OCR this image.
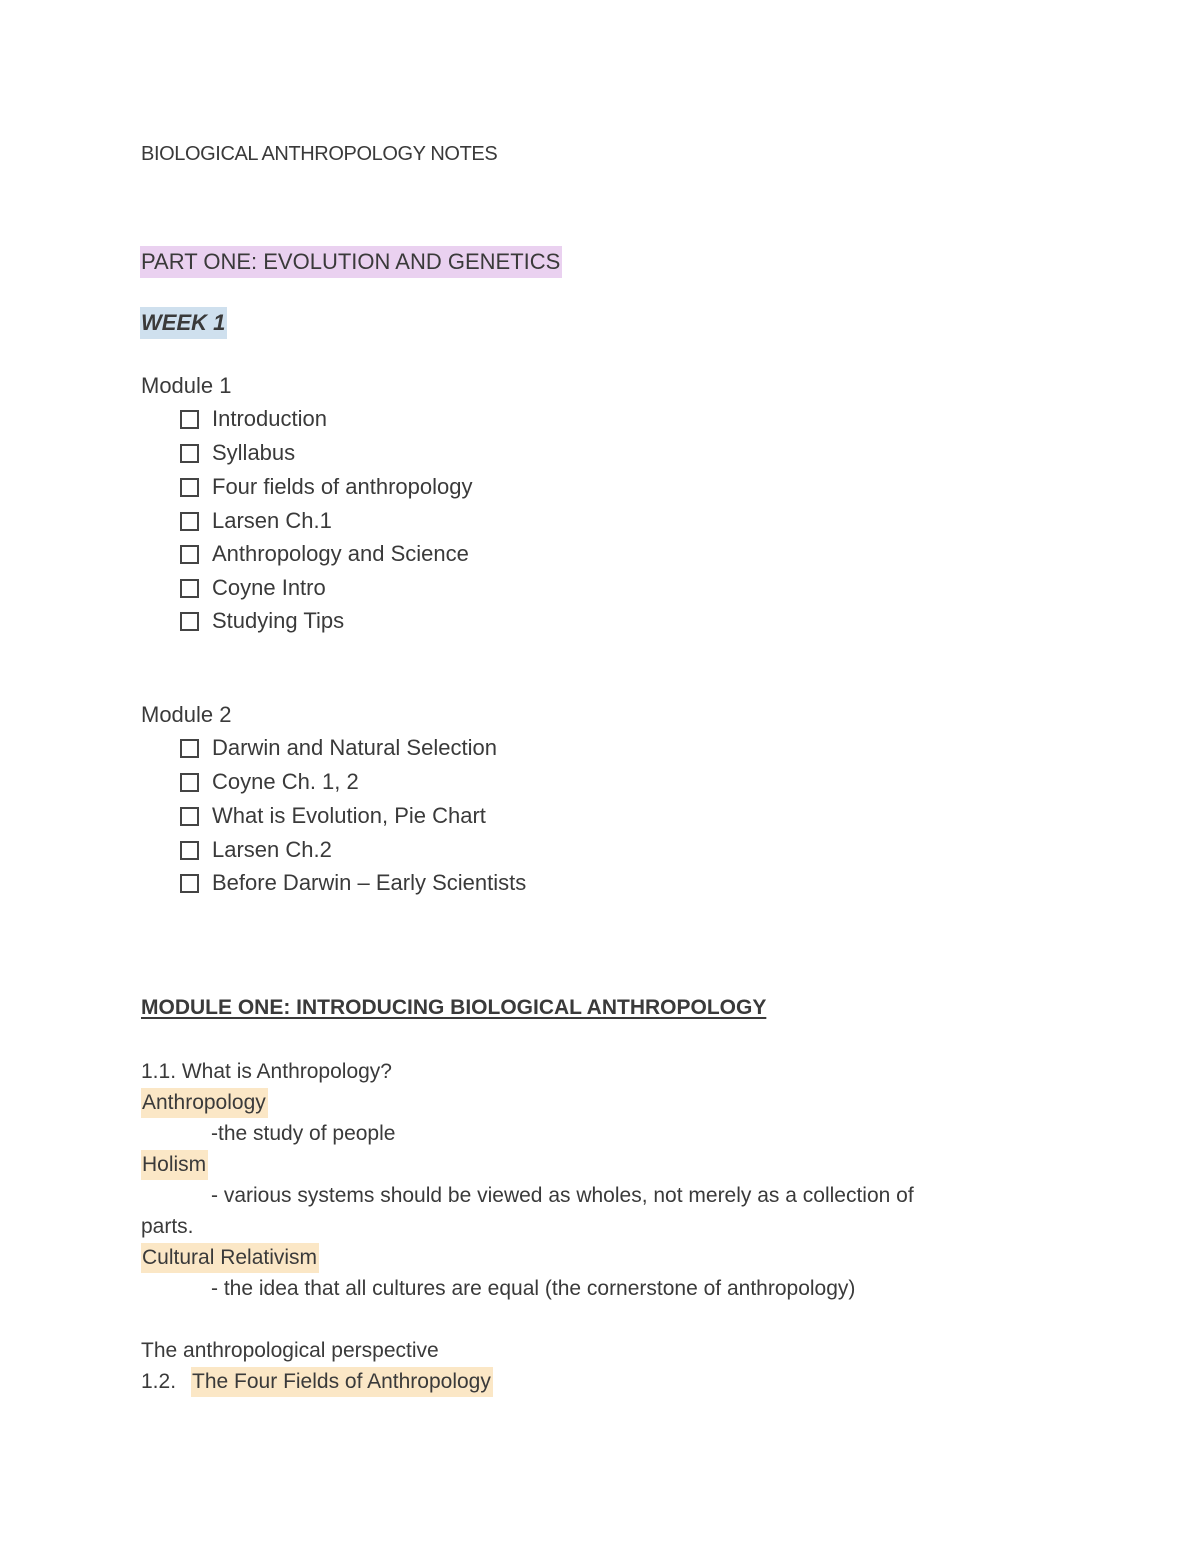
BIOLOGICAL ANTHROPOLOGY NOTES
PART ONE: EVOLUTION AND GENETICS
WEEK 1
Module 1
Introduction
Syllabus
Four fields of anthropology
Larsen Ch.1
Anthropology and Science
Coyne Intro
Studying Tips
Module 2
Darwin and Natural Selection
Coyne Ch. 1, 2
What is Evolution, Pie Chart
Larsen Ch.2
Before Darwin – Early Scientists
MODULE ONE: INTRODUCING BIOLOGICAL ANTHROPOLOGY
1.1. What is Anthropology?
Anthropology
-the study of people
Holism
- various systems should be viewed as wholes, not merely as a collection of
parts.
Cultural Relativism
- the idea that all cultures are equal (the cornerstone of anthropology)
The anthropological perspective
1.2. The Four Fields of Anthropology
